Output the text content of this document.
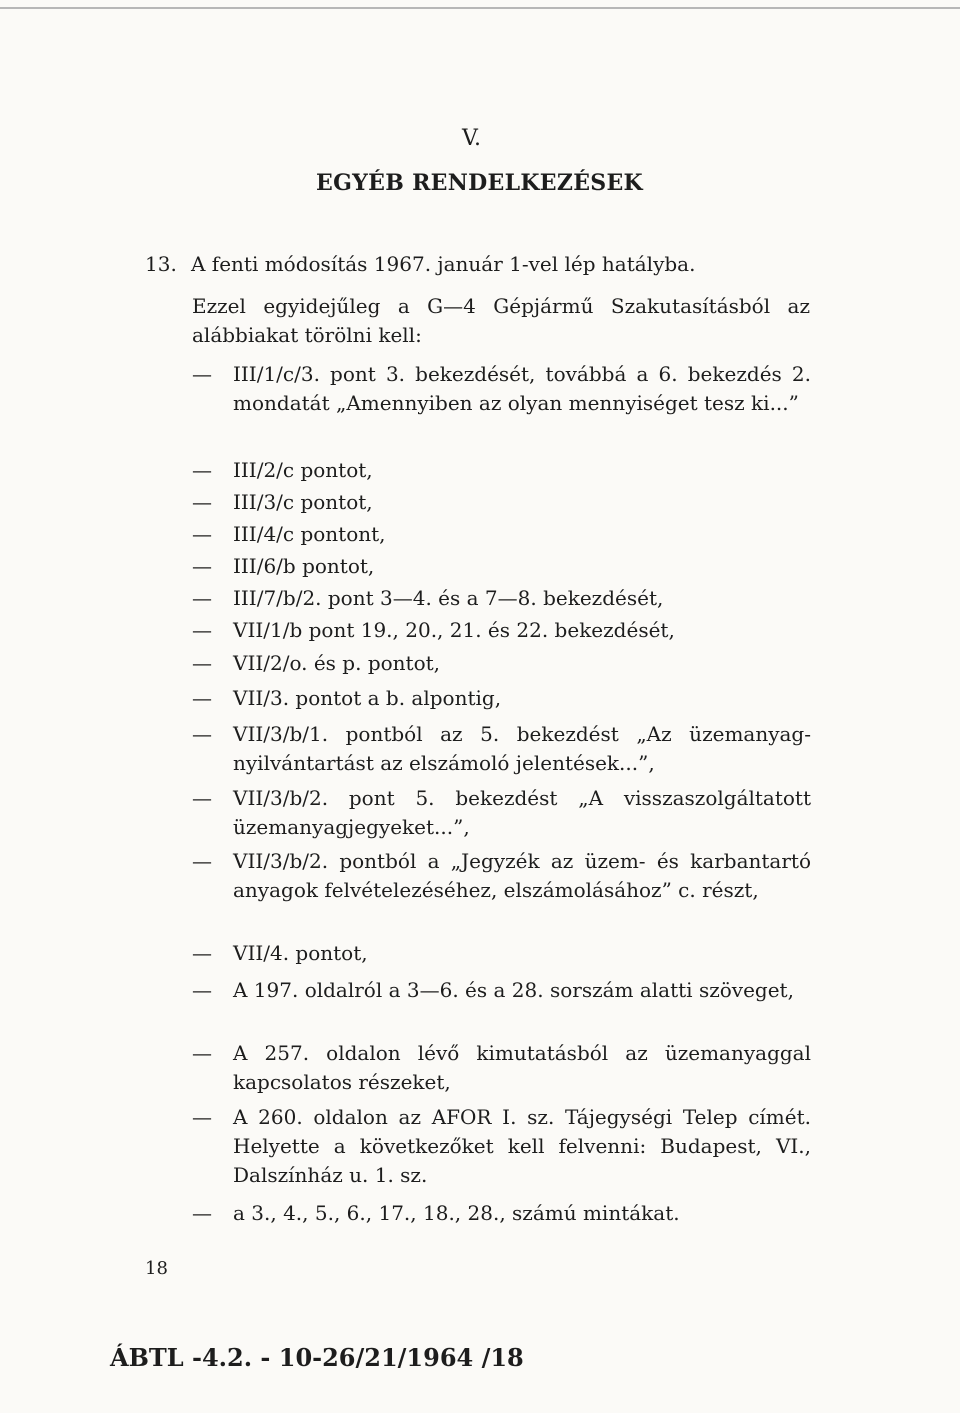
V.
EGYÉB RENDELKEZÉSEK
13. A fenti módosítás 1967. január 1-vel lép hatályba.
Ezzel egyidejűleg a G—4 Gépjármű Szakutasításból az alábbiakat törölni kell:
— III/1/c/3. pont 3. bekezdését, továbbá a 6. bekezdés 2. mondatát „Amennyiben az olyan mennyiséget tesz ki...”
— III/2/c pontot,
— III/3/c pontot,
— III/4/c pontont,
— III/6/b pontot,
— III/7/b/2. pont 3—4. és a 7—8. bekezdését,
— VII/1/b pont 19., 20., 21. és 22. bekezdését,
— VII/2/o. és p. pontot,
— VII/3. pontot a b. alpontig,
— VII/3/b/1. pontból az 5. bekezdést „Az üzemanyag-nyilvántartást az elszámoló jelentések...”,
— VII/3/b/2. pont 5. bekezdést „A visszaszolgáltatott üzemanyagjegyeket...”,
— VII/3/b/2. pontból a „Jegyzék az üzem- és karbantartó anyagok felvételezéséhez, elszámolásához” c. részt,
— VII/4. pontot,
— A 197. oldalról a 3—6. és a 28. sorszám alatti szöveget,
— A 257. oldalon lévő kimutatásból az üzemanyaggal kapcsolatos részeket,
— A 260. oldalon az AFOR I. sz. Tájegységi Telep címét. Helyette a következőket kell felvenni: Budapest, VI., Dalszínház u. 1. sz.
— a 3., 4., 5., 6., 17., 18., 28., számú mintákat.
18
ÁBTL -4.2. - 10-26/21/1964 /18
